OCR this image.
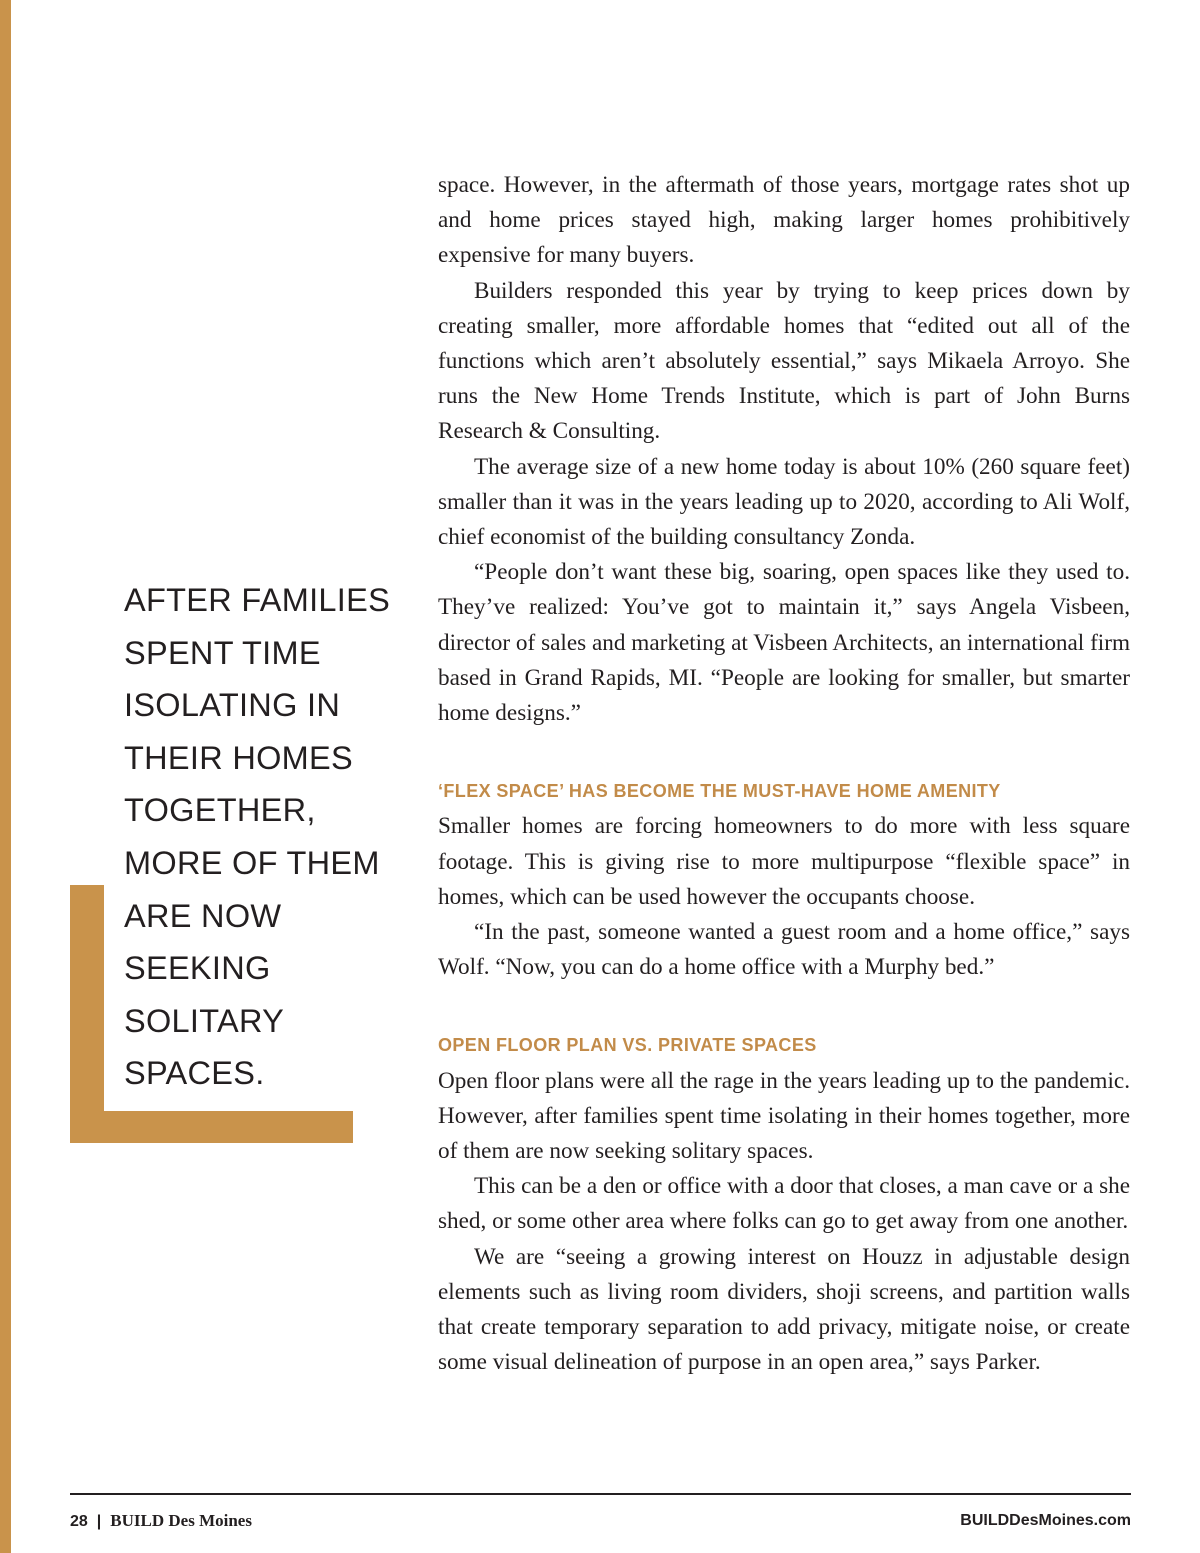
AFTER FAMILIES SPENT TIME ISOLATING IN THEIR HOMES TOGETHER, MORE OF THEM ARE NOW SEEKING SOLITARY SPACES.

space. However, in the aftermath of those years, mortgage rates shot up and home prices stayed high, making larger homes prohibitively expensive for many buyers.

Builders responded this year by trying to keep prices down by creating smaller, more affordable homes that “edited out all of the functions which aren’t absolutely essential,” says Mikaela Arroyo. She runs the New Home Trends Institute, which is part of John Burns Research & Consulting.

The average size of a new home today is about 10% (260 square feet) smaller than it was in the years leading up to 2020, according to Ali Wolf, chief economist of the building consultancy Zonda.

“People don’t want these big, soaring, open spaces like they used to. They’ve realized: You’ve got to maintain it,” says Angela Visbeen, director of sales and marketing at Visbeen Architects, an international firm based in Grand Rapids, MI. “People are looking for smaller, but smarter home designs.”

‘FLEX SPACE’ HAS BECOME THE MUST-HAVE HOME AMENITY

Smaller homes are forcing homeowners to do more with less square footage. This is giving rise to more multipurpose “flexible space” in homes, which can be used however the occupants choose.

“In the past, someone wanted a guest room and a home office,” says Wolf. “Now, you can do a home office with a Murphy bed.”

OPEN FLOOR PLAN VS. PRIVATE SPACES

Open floor plans were all the rage in the years leading up to the pandemic. However, after families spent time isolating in their homes together, more of them are now seeking solitary spaces.

This can be a den or office with a door that closes, a man cave or a she shed, or some other area where folks can go to get away from one another.

We are “seeing a growing interest on Houzz in adjustable design elements such as living room dividers, shoji screens, and partition walls that create temporary separation to add privacy, mitigate noise, or create some visual delineation of purpose in an open area,” says Parker.

28 | BUILD Des Moines	BUILDDesMoines.com
